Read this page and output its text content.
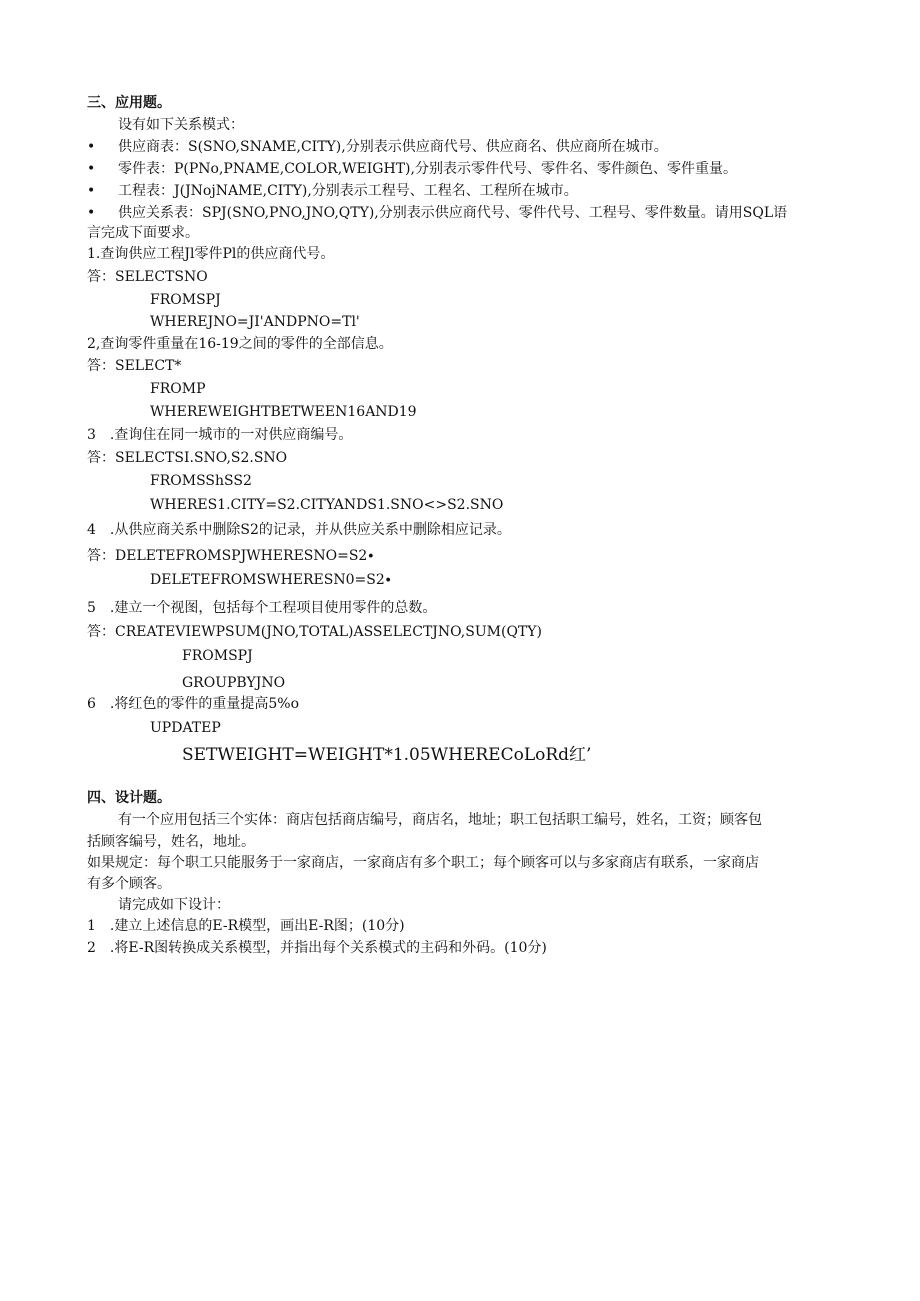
三、应用题。
设有如下关系模式：
• 供应商表：S(SNO,SNAME,CITY),分别表示供应商代号、供应商名、供应商所在城市。
• 零件表：P(PNo,PNAME,COLOR,WEIGHT),分别表示零件代号、零件名、零件颜色、零件重量。
• 工程表：J(JNojNAME,CITY),分别表示工程号、工程名、工程所在城市。
• 供应关系表：SPJ(SNO,PNO,JNO,QTY),分别表示供应商代号、零件代号、工程号、零件数量。请用SQL语
言完成下面要求。
1.查询供应工程Jl零件Pl的供应商代号。
答：SELECTSNO
FROMSPJ
WHEREJNO=JI'ANDPNO=Tl'
2,查询零件重量在16-19之间的零件的全部信息。
答：SELECT*
FROMP
WHEREWEIGHTBETWEEN16AND19
3 .查询住在同一城市的一对供应商编号。
答：SELECTSI.SNO,S2.SNO
FROMSShSS2
WHERES1.CITY=S2.CITYANDS1.SNO<>S2.SNO
4 .从供应商关系中删除S2的记录，并从供应关系中删除相应记录。
答：DELETEFROMSPJWHERESNO=S2∙
DELETEFROMSWHERESN0=S2∙
5 .建立一个视图，包括每个工程项目使用零件的总数。
答：CREATEVIEWPSUM(JNO,TOTAL)ASSELECTJNO,SUM(QTY)
FROMSPJ
GROUPBYJNO
6 .将红色的零件的重量提高5%o
UPDATEP
SETWEIGHT=WEIGHT*1.05WHERECoLoRd红’
四、设计题。
有一个应用包括三个实体：商店包括商店编号，商店名，地址；职工包括职工编号，姓名，工资；顾客包
括顾客编号，姓名，地址。
如果规定：每个职工只能服务于一家商店，一家商店有多个职工；每个顾客可以与多家商店有联系，一家商店
有多个顾客。
请完成如下设计：
1 .建立上述信息的E-R模型，画出E-R图；(10分)
2 .将E-R图转换成关系模型，并指出每个关系模式的主码和外码。(10分)
